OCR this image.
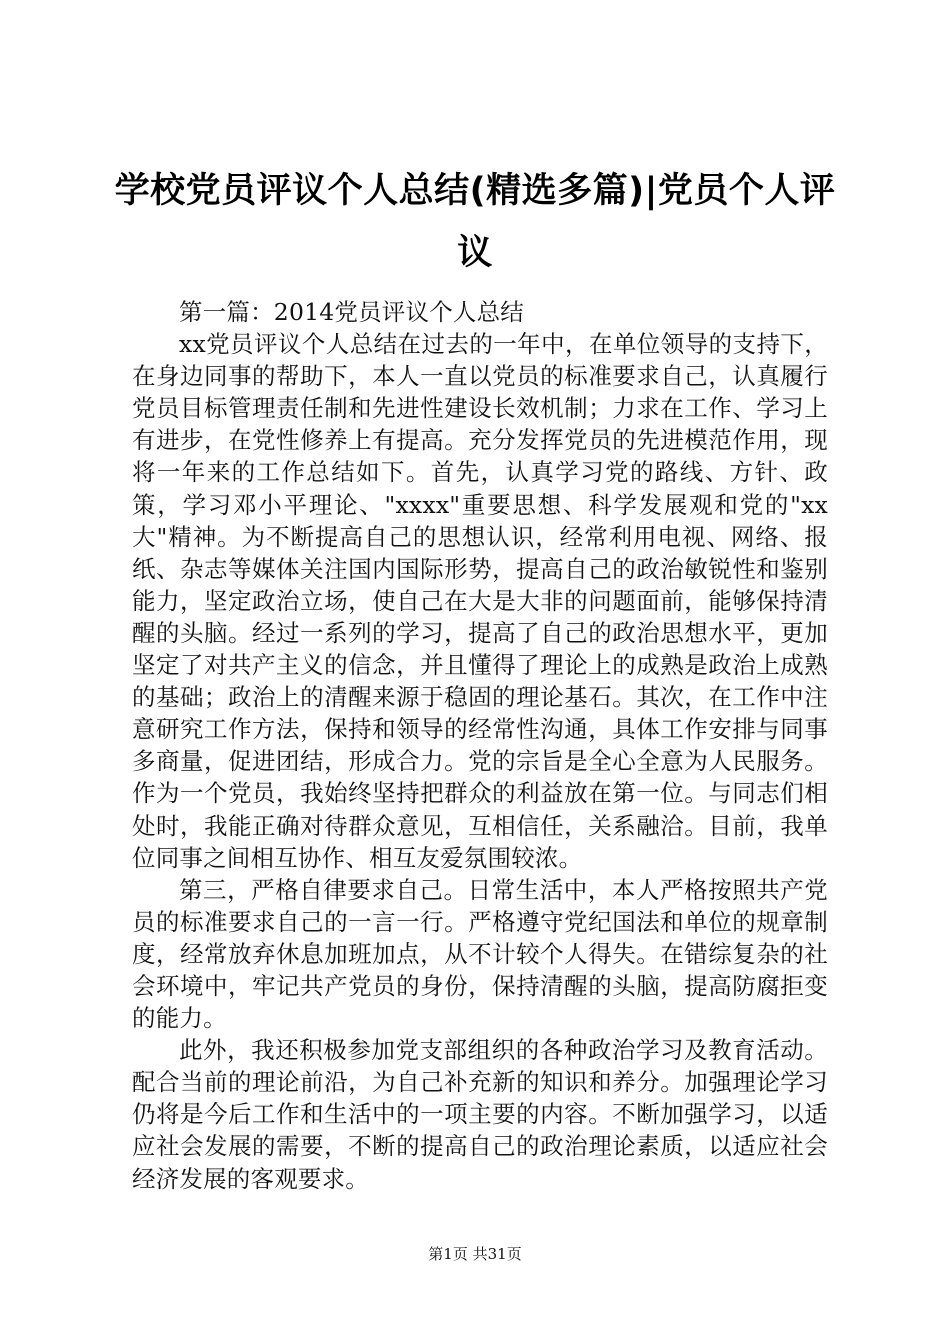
学校党员评议个人总结(精选多篇)|党员个人评议

第一篇：2014党员评议个人总结

xx党员评议个人总结在过去的一年中，在单位领导的支持下，在身边同事的帮助下，本人一直以党员的标准要求自己，认真履行党员目标管理责任制和先进性建设长效机制；力求在工作、学习上有进步，在党性修养上有提高。充分发挥党员的先进模范作用，现将一年来的工作总结如下。首先，认真学习党的路线、方针、政策，学习邓小平理论、"xxxx"重要思想、科学发展观和党的"xx大"精神。为不断提高自己的思想认识，经常利用电视、网络、报纸、杂志等媒体关注国内国际形势，提高自己的政治敏锐性和鉴别能力，坚定政治立场，使自己在大是大非的问题面前，能够保持清醒的头脑。经过一系列的学习，提高了自己的政治思想水平，更加坚定了对共产主义的信念，并且懂得了理论上的成熟是政治上成熟的基础；政治上的清醒来源于稳固的理论基石。其次，在工作中注意研究工作方法，保持和领导的经常性沟通，具体工作安排与同事多商量，促进团结，形成合力。党的宗旨是全心全意为人民服务。作为一个党员，我始终坚持把群众的利益放在第一位。与同志们相处时，我能正确对待群众意见，互相信任，关系融洽。目前，我单位同事之间相互协作、相互友爱氛围较浓。

第三，严格自律要求自己。日常生活中，本人严格按照共产党员的标准要求自己的一言一行。严格遵守党纪国法和单位的规章制度，经常放弃休息加班加点，从不计较个人得失。在错综复杂的社会环境中，牢记共产党员的身份，保持清醒的头脑，提高防腐拒变的能力。

此外，我还积极参加党支部组织的各种政治学习及教育活动。配合当前的理论前沿，为自己补充新的知识和养分。加强理论学习仍将是今后工作和生活中的一项主要的内容。不断加强学习，以适应社会发展的需要，不断的提高自己的政治理论素质，以适应社会经济发展的客观要求。

第1页 共31页
